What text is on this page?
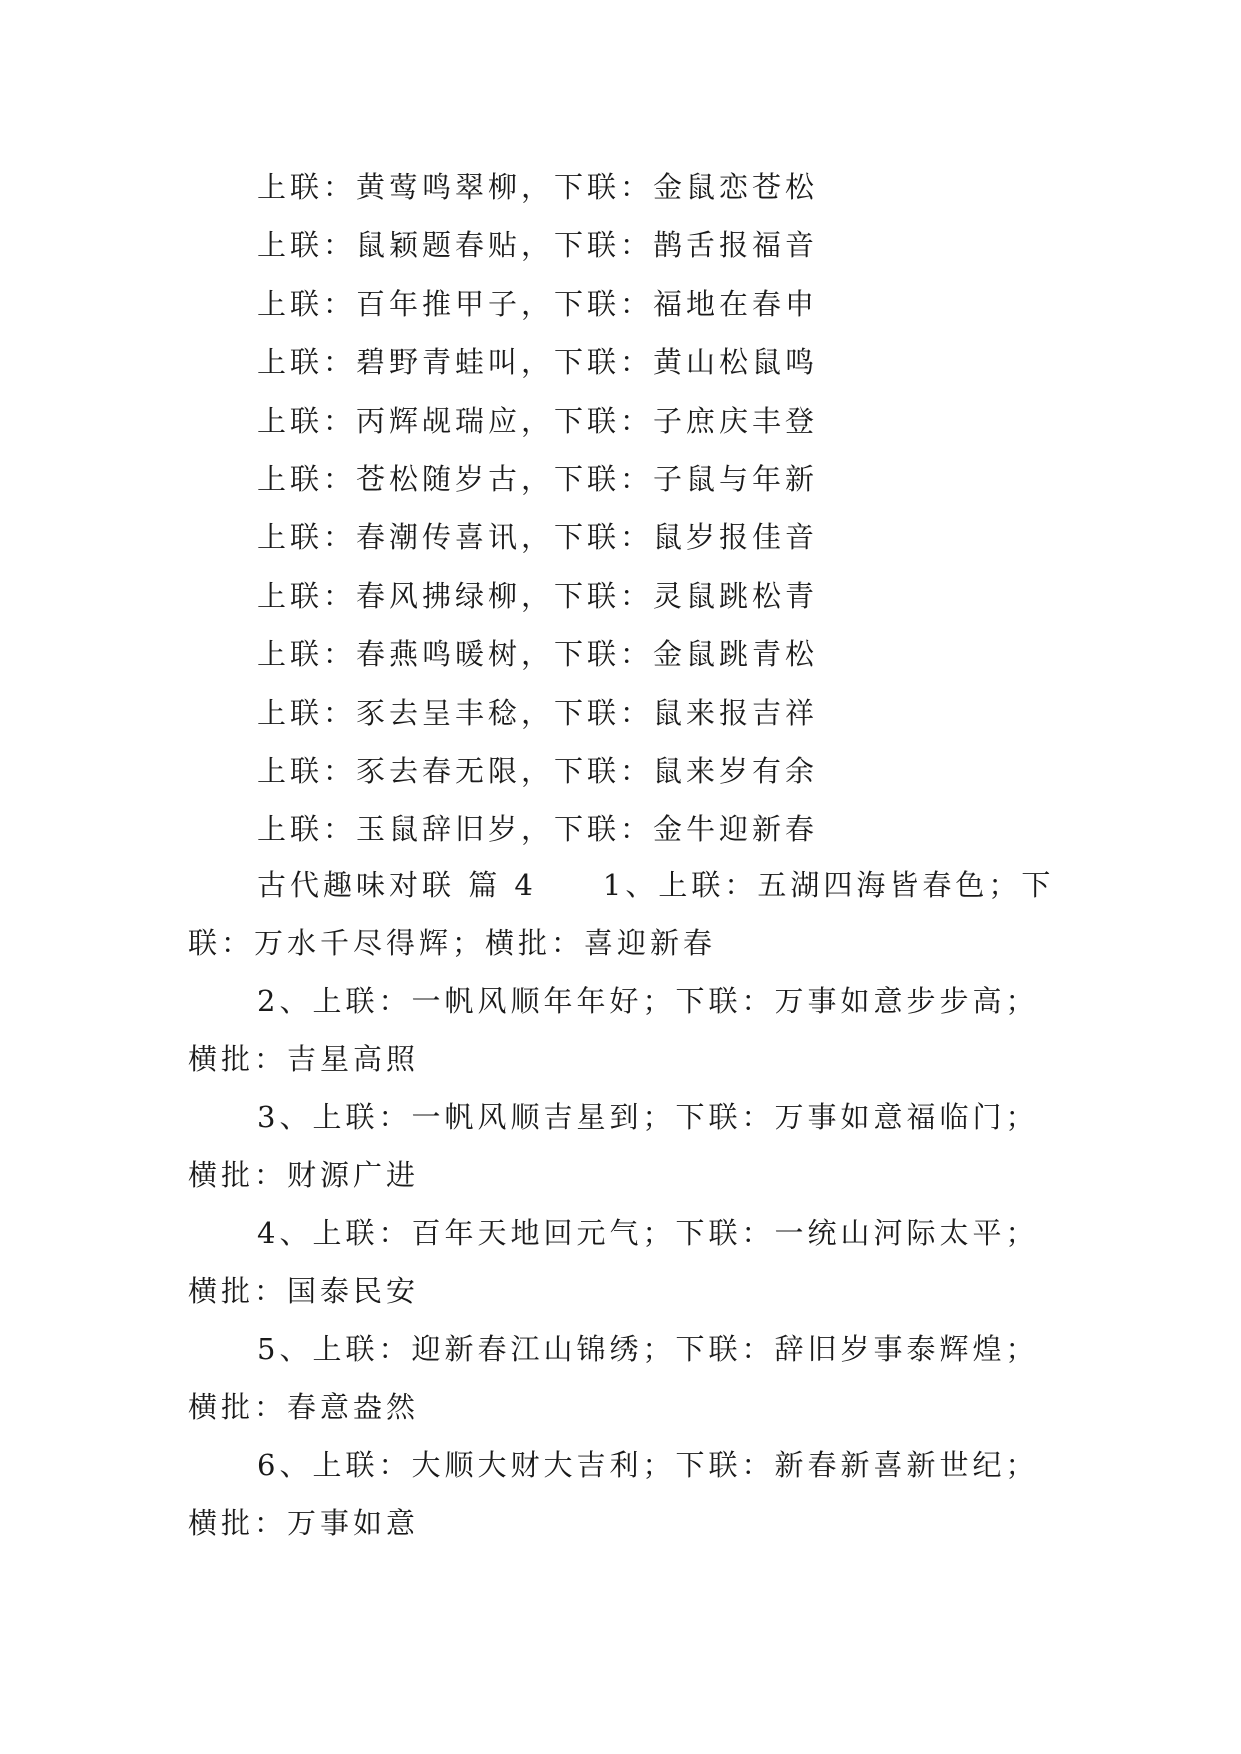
上联：黄莺鸣翠柳，下联：金鼠恋苍松
上联：鼠颖题春贴，下联：鹊舌报福音
上联：百年推甲子，下联：福地在春申
上联：碧野青蛙叫，下联：黄山松鼠鸣
上联：丙辉觇瑞应，下联：子庶庆丰登
上联：苍松随岁古，下联：子鼠与年新
上联：春潮传喜讯，下联：鼠岁报佳音
上联：春风拂绿柳，下联：灵鼠跳松青
上联：春燕鸣暖树，下联：金鼠跳青松
上联：豕去呈丰稔，下联：鼠来报吉祥
上联：豕去春无限，下联：鼠来岁有余
上联：玉鼠辞旧岁，下联：金牛迎新春
古代趣味对联 篇 4　　1、上联：五湖四海皆春色；下
联：万水千尽得辉；横批：喜迎新春
2、上联：一帆风顺年年好；下联：万事如意步步高；
横批：吉星高照
3、上联：一帆风顺吉星到；下联：万事如意福临门；
横批：财源广进
4、上联：百年天地回元气；下联：一统山河际太平；
横批：国泰民安
5、上联：迎新春江山锦绣；下联：辞旧岁事泰辉煌；
横批：春意盎然
6、上联：大顺大财大吉利；下联：新春新喜新世纪；
横批：万事如意
